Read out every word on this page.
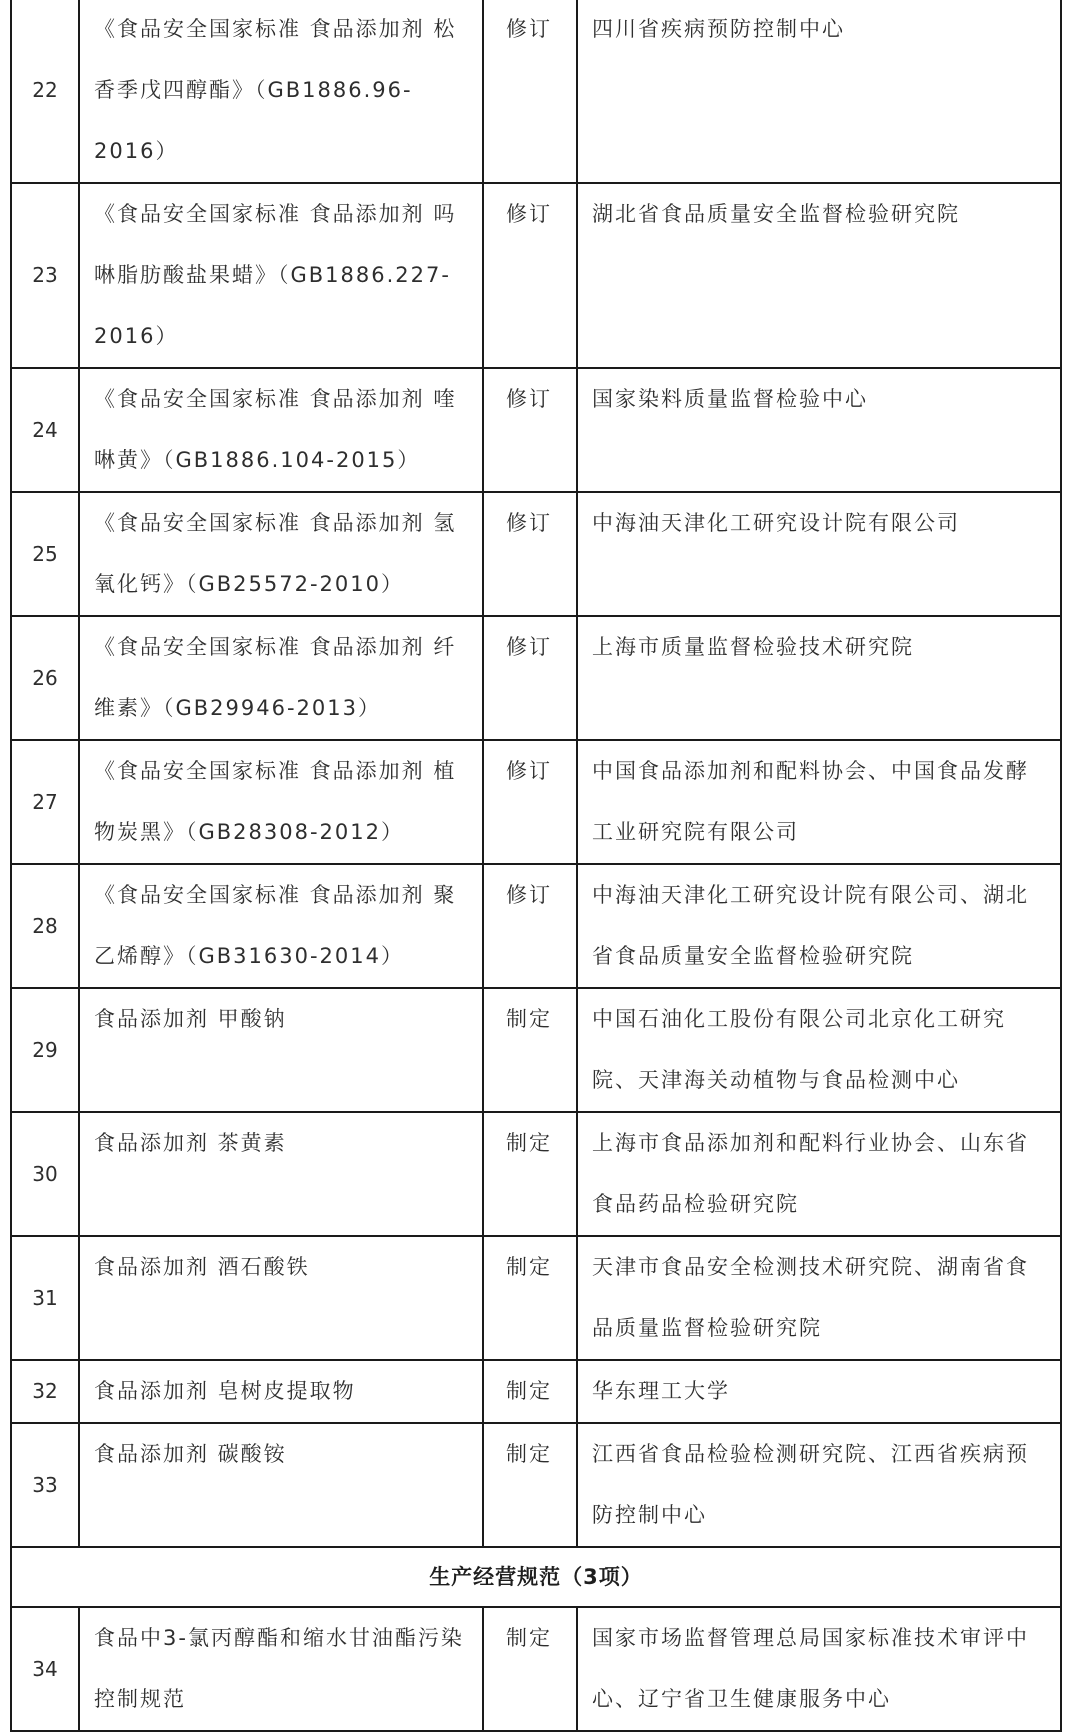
22	《食品安全国家标准 食品添加剂 松香季戊四醇酯》（GB1886.96-2016）	修订	四川省疾病预防控制中心

23	《食品安全国家标准 食品添加剂 吗啉脂肪酸盐果蜡》（GB1886.227-2016）	修订	湖北省食品质量安全监督检验研究院

24	《食品安全国家标准 食品添加剂 喹啉黄》（GB1886.104-2015）	修订	国家染料质量监督检验中心

25	《食品安全国家标准 食品添加剂 氢氧化钙》（GB25572-2010）	修订	中海油天津化工研究设计院有限公司

26	《食品安全国家标准 食品添加剂 纤维素》（GB29946-2013）	修订	上海市质量监督检验技术研究院

27	《食品安全国家标准 食品添加剂 植物炭黑》（GB28308-2012）	修订	中国食品添加剂和配料协会、中国食品发酵工业研究院有限公司

28	《食品安全国家标准 食品添加剂 聚乙烯醇》（GB31630-2014）	修订	中海油天津化工研究设计院有限公司、湖北省食品质量安全监督检验研究院

29	食品添加剂 甲酸钠	制定	中国石油化工股份有限公司北京化工研究院、天津海关动植物与食品检测中心

30	食品添加剂 茶黄素	制定	上海市食品添加剂和配料行业协会、山东省食品药品检验研究院

31	食品添加剂 酒石酸铁	制定	天津市食品安全检测技术研究院、湖南省食品质量监督检验研究院

32	食品添加剂 皂树皮提取物	制定	华东理工大学

33	食品添加剂 碳酸铵	制定	江西省食品检验检测研究院、江西省疾病预防控制中心

生产经营规范（3项）			

34	食品中3-氯丙醇酯和缩水甘油酯污染控制规范	制定	国家市场监督管理总局国家标准技术审评中心、辽宁省卫生健康服务中心
